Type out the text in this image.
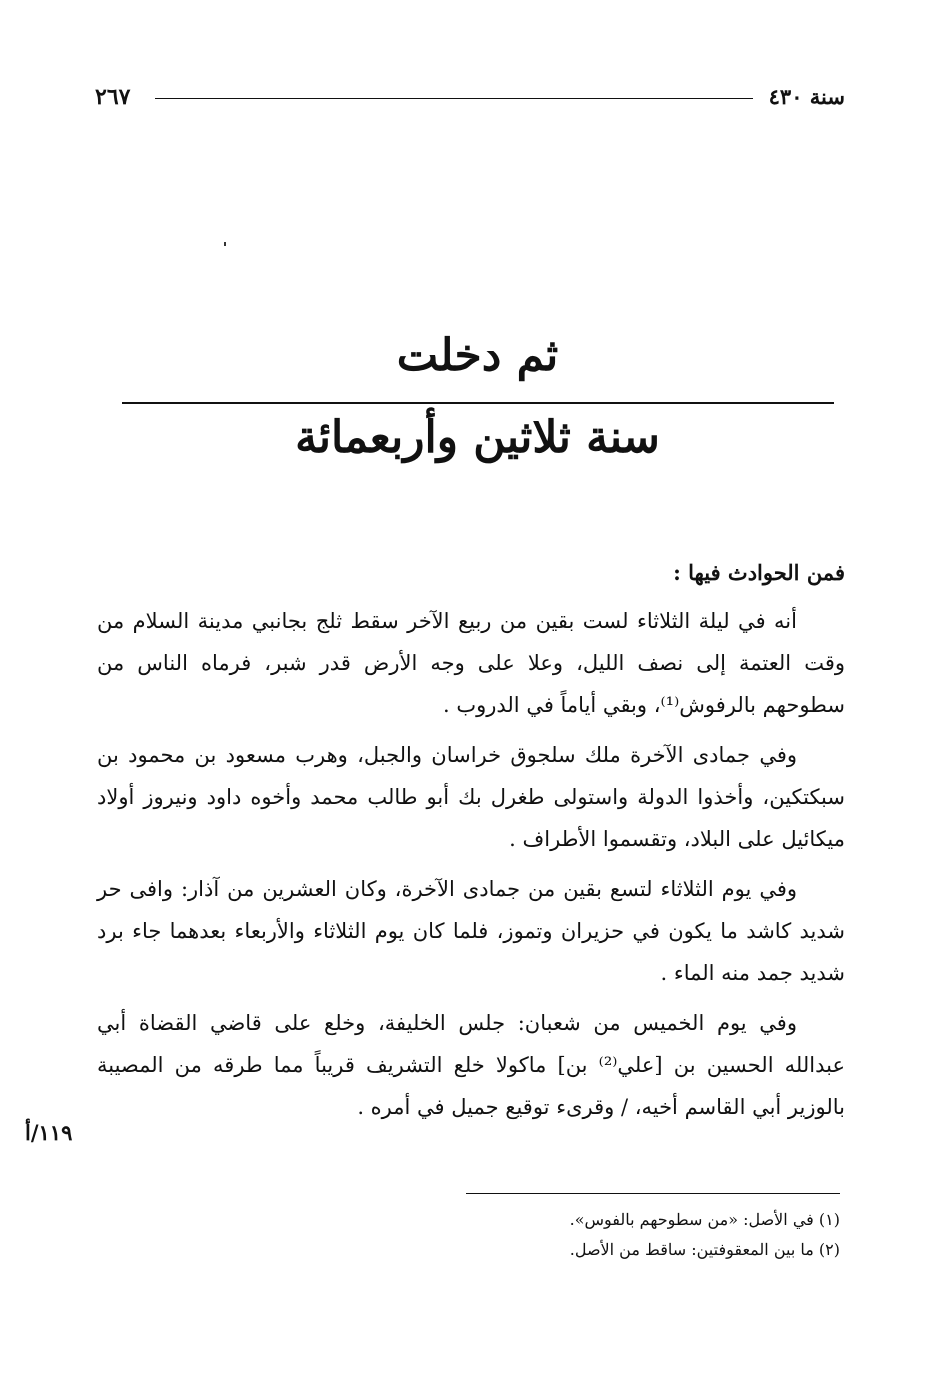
سنة ٤٣٠
٢٦٧
ثم دخلت
سنة ثلاثين وأربعمائة

فمن الحوادث فيها :

أنه في ليلة الثلاثاء لست بقين من ربيع الآخر سقط ثلج بجانبي مدينة السلام من وقت العتمة إلى نصف الليل، وعلا على وجه الأرض قدر شبر، فرماه الناس من سطوحهم بالرفوش⁽¹⁾، وبقي أياماً في الدروب .

وفي جمادى الآخرة ملك سلجوق خراسان والجبل، وهرب مسعود بن محمود بن سبكتكين، وأخذوا الدولة واستولى طغرل بك أبو طالب محمد وأخوه داود ونيروز أولاد ميكائيل على البلاد، وتقسموا الأطراف .

وفي يوم الثلاثاء لتسع بقين من جمادى الآخرة، وكان العشرين من آذار: وافى حر شديد كاشد ما يكون في حزيران وتموز، فلما كان يوم الثلاثاء والأربعاء بعدهما جاء برد شديد جمد منه الماء .

وفي يوم الخميس من شعبان: جلس الخليفة، وخلع على قاضي القضاة أبي عبدالله الحسين بن [علي⁽²⁾ بن] ماكولا خلع التشريف قريباً مما طرقه من المصيبة بالوزير أبي القاسم أخيه، / وقرىء توقيع جميل في أمره .

١١٩/أ

(١) في الأصل: «من سطوحهم بالفوس».

(٢) ما بين المعقوفتين: ساقط من الأصل.
